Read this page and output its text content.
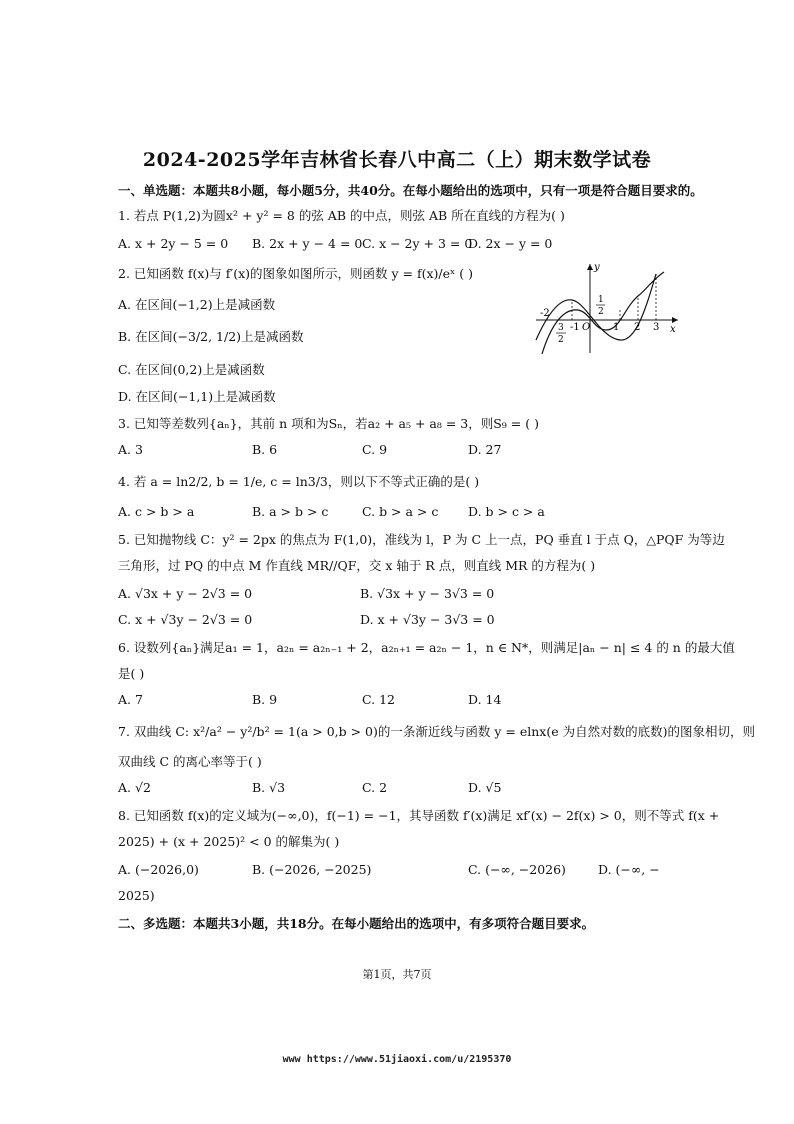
2024-2025学年吉林省长春八中高二（上）期末数学试卷
一、单选题：本题共8小题，每小题5分，共40分。在每小题给出的选项中，只有一项是符合题目要求的。
1. 若点 P(1,2)为圆x² + y² = 8 的弦 AB 的中点，则弦 AB 所在直线的方程为( )
A. x + 2y − 5 = 0 B. 2x + y − 4 = 0 C. x − 2y + 3 = 0
D. 2x − y = 0
2. 已知函数 f(x)与 f′(x)的图象如图所示，则函数 y = f(x)/eˣ ( )
A. 在区间(−1,2)上是减函数
B. 在区间(−3/2, 1/2)上是减函数
C. 在区间(0,2)上是减函数
D. 在区间(−1,1)上是减函数
y
x
O
-2
-1
3
2
1
2
1 2 3
3. 已知等差数列{aₙ}，其前 n 项和为Sₙ，若a₂ + a₅ + a₈ = 3，则S₉ = ( )
A. 3	B. 6	C. 9	D. 27
4. 若 a = ln2/2, b = 1/e, c = ln3/3，则以下不等式正确的是( )
A. c > b > a	B. a > b > c	C. b > a > c D. b > c > a
5. 已知抛物线 C：y² = 2px 的焦点为 F(1,0)，准线为 l，P 为 C 上一点，PQ 垂直 l 于点 Q，△PQF 为等边
三角形，过 PQ 的中点 M 作直线 MR//QF，交 x 轴于 R 点，则直线 MR 的方程为( )
A. √3x + y − 2√3 = 0	B. √3x + y − 3√3 = 0
C. x + √3y − 2√3 = 0	D. x + √3y − 3√3 = 0
6. 设数列{aₙ}满足a₁ = 1，a₂ₙ = a₂ₙ₋₁ + 2，a₂ₙ₊₁ = a₂ₙ − 1，n ∈ N*，则满足|aₙ − n| ≤ 4 的 n 的最大值
是( )
A. 7	B. 9	C. 12	D. 14
7. 双曲线 C: x²/a² − y²/b² = 1(a > 0,b > 0)的一条渐近线与函数 y = elnx(e 为自然对数的底数)的图象相切，则
双曲线 C 的离心率等于( )
A. √2	B. √3	C. 2	D. √5
8. 已知函数 f(x)的定义域为(−∞,0)，f(−1) = −1，其导函数 f′(x)满足 xf′(x) − 2f(x) > 0，则不等式 f(x +
2025) + (x + 2025)² < 0 的解集为( )
A. (−2026,0)	B. (−2026, −2025)	C. (−∞, −2026)	D. (−∞, −
2025)
二、多选题：本题共3小题，共18分。在每小题给出的选项中，有多项符合题目要求。
第1页，共7页
www https://www.51jiaoxi.com/u/2195370
